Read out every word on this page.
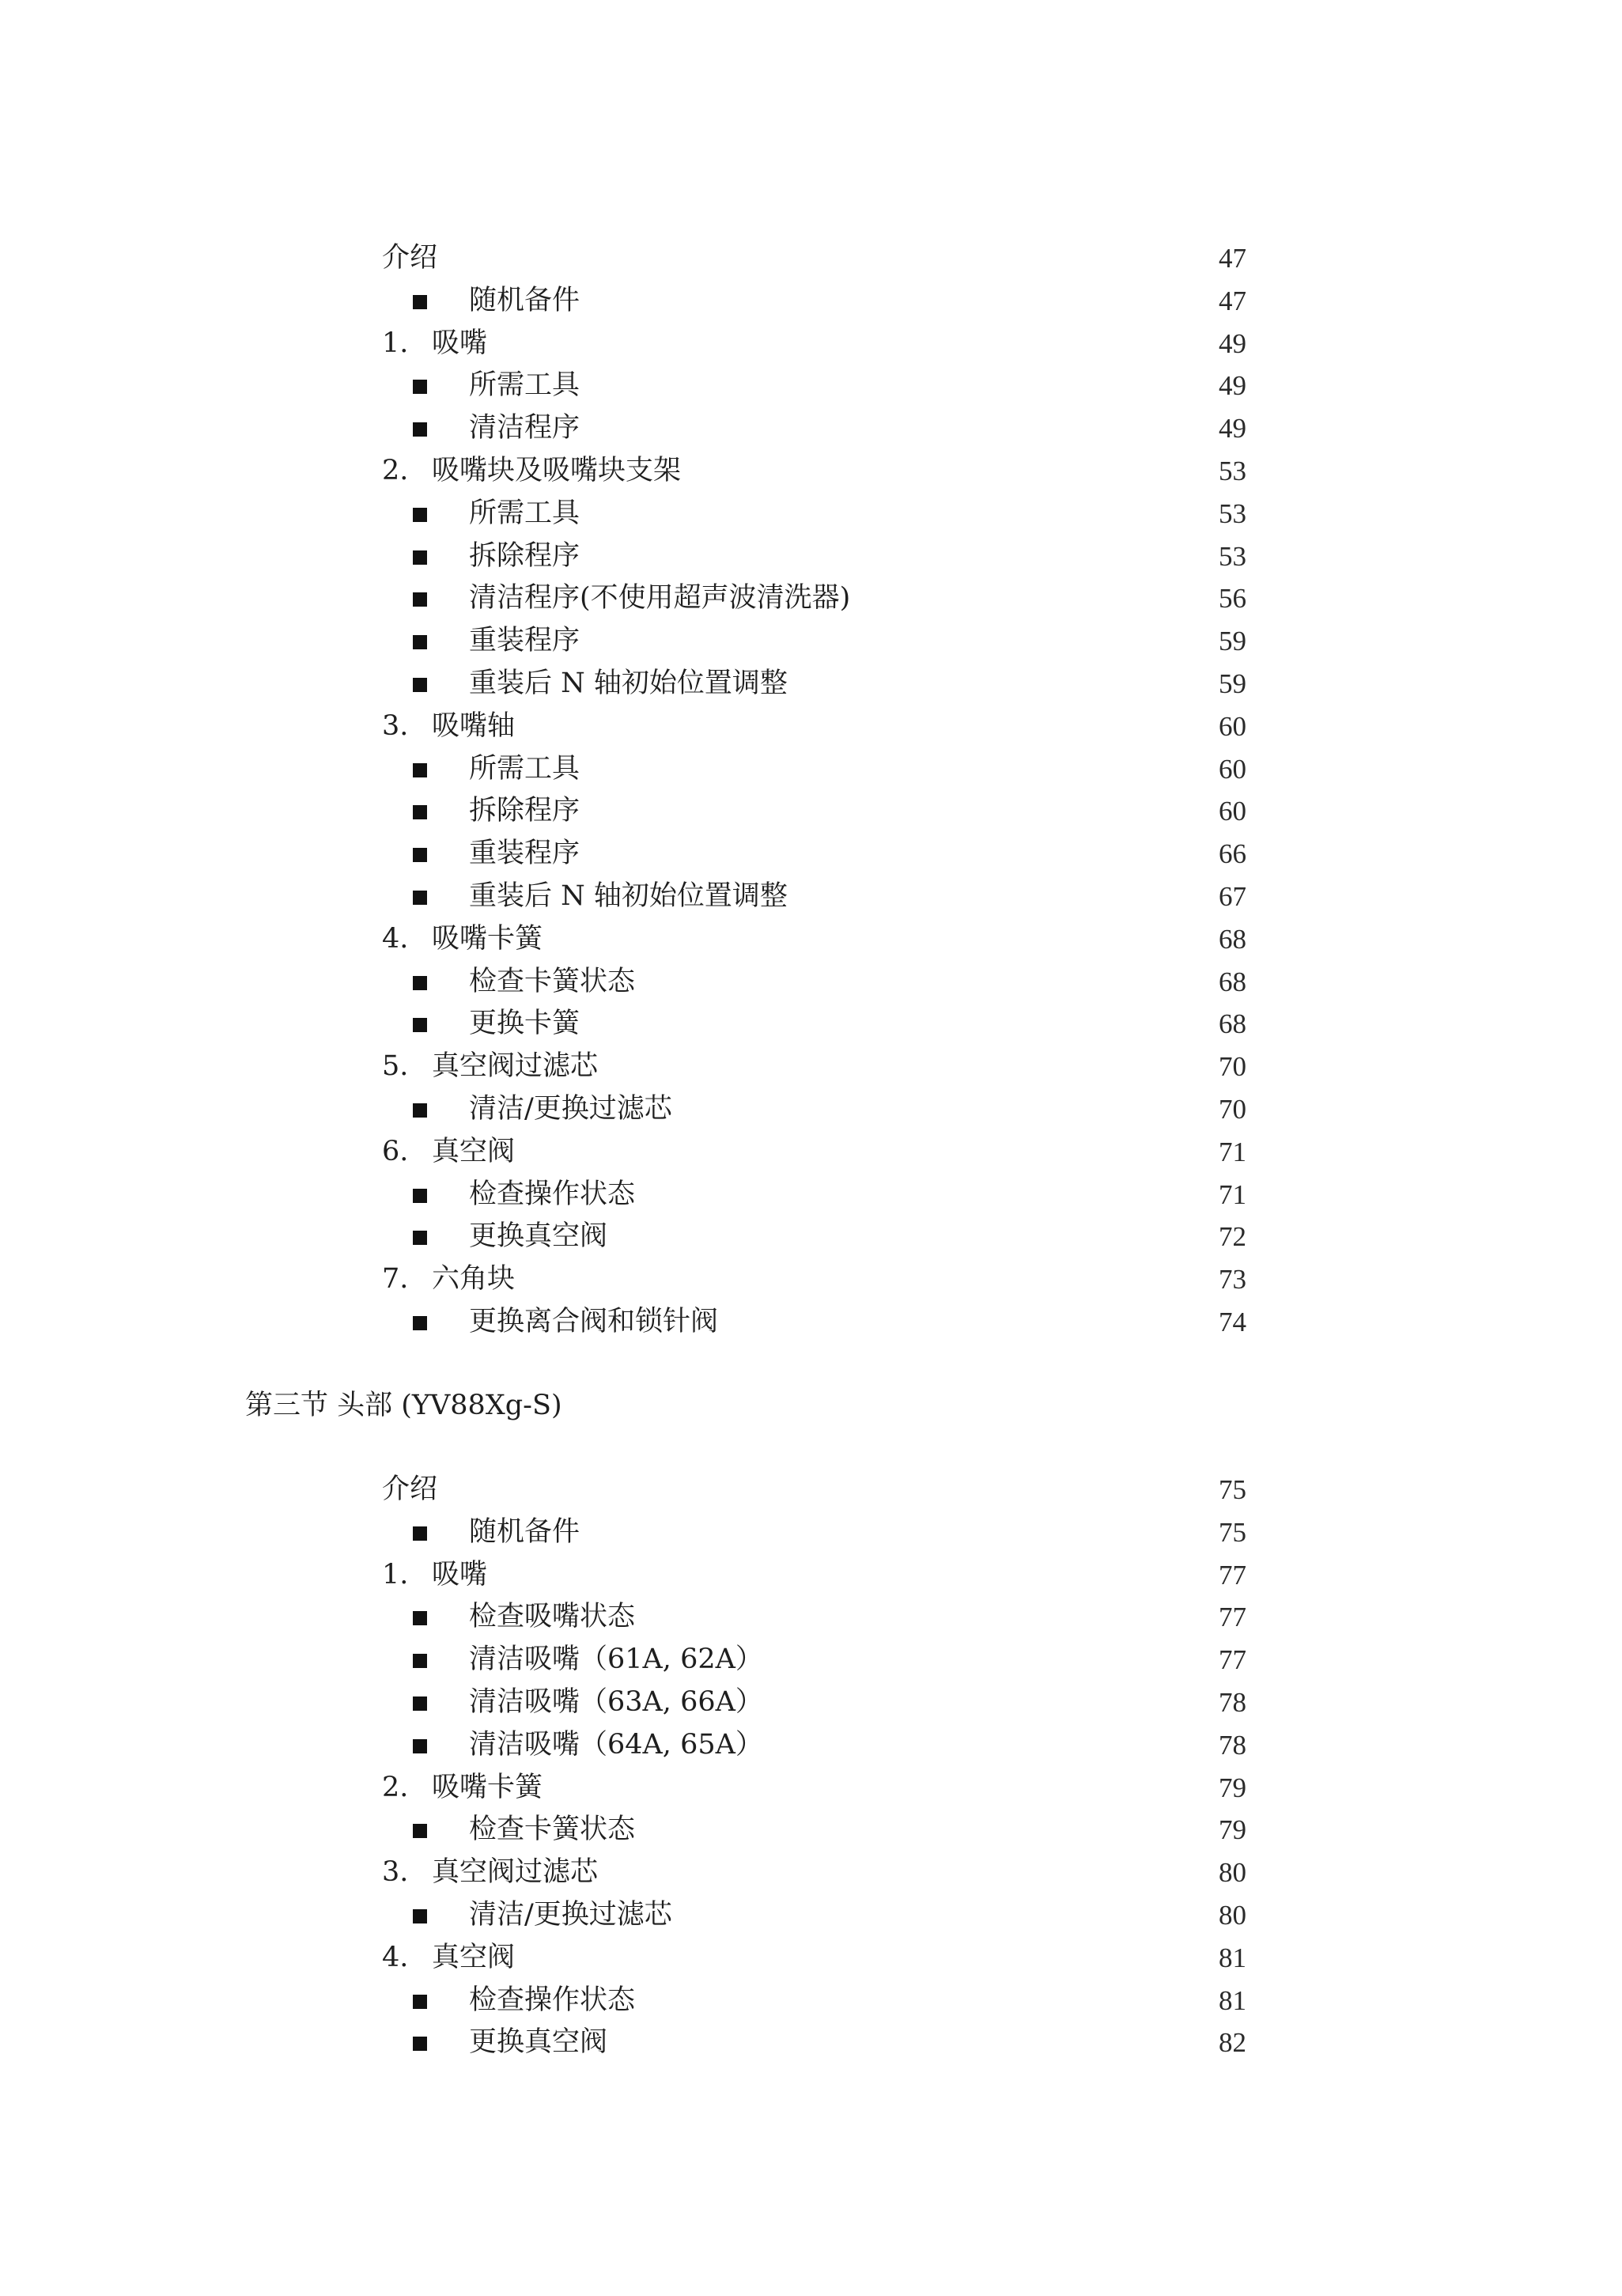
介绍	47
随机备件	47
1. 吸嘴	49
所需工具	49
清洁程序	49
2. 吸嘴块及吸嘴块支架	53
所需工具	53
拆除程序	53
清洁程序(不使用超声波清洗器)	56
重装程序	59
重装后 N 轴初始位置调整	59
3. 吸嘴轴	60
所需工具	60
拆除程序	60
重装程序	66
重装后 N 轴初始位置调整	67
4. 吸嘴卡簧	68
检查卡簧状态	68
更换卡簧	68
5. 真空阀过滤芯	70
清洁/更换过滤芯	70
6. 真空阀	71
检查操作状态	71
更换真空阀	72
7. 六角块	73
更换离合阀和锁针阀	74
第三节 头部 (YV88Xg-S)
介绍	75
随机备件	75
1. 吸嘴	77
检查吸嘴状态	77
清洁吸嘴（61A, 62A）	77
清洁吸嘴（63A, 66A）	78
清洁吸嘴（64A, 65A）	78
2. 吸嘴卡簧	79
检查卡簧状态	79
3. 真空阀过滤芯	80
清洁/更换过滤芯	80
4. 真空阀	81
检查操作状态	81
更换真空阀	82
